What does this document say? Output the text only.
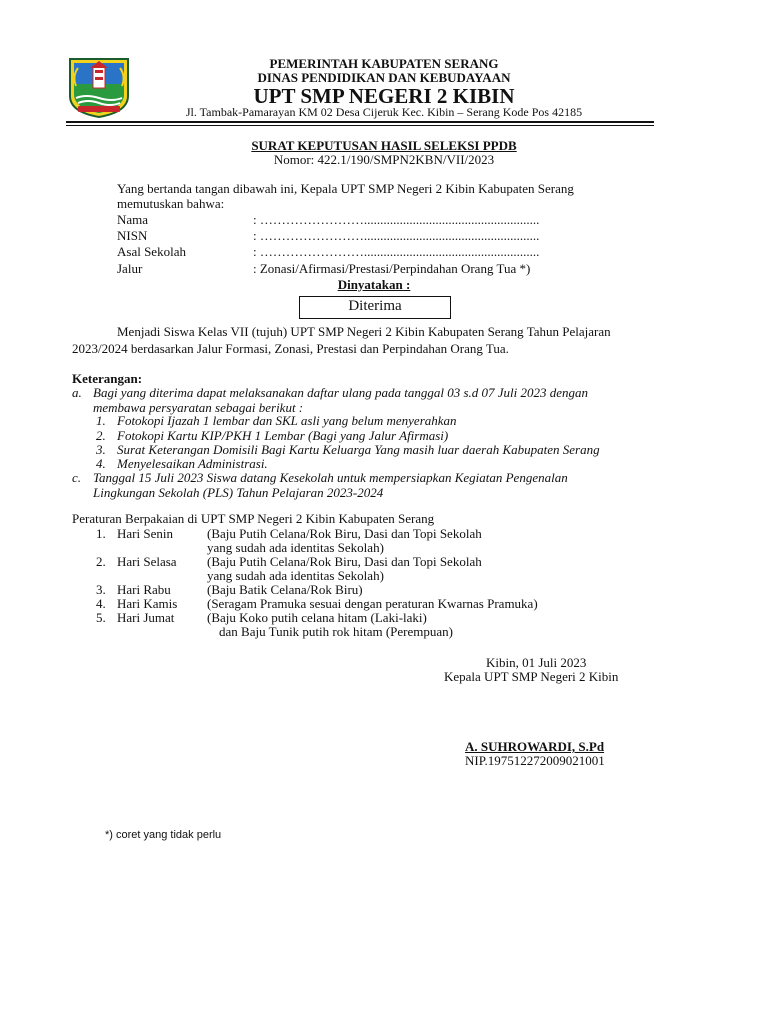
PEMERINTAH KABUPATEN SERANG
DINAS PENDIDIKAN DAN KEBUDAYAAN
UPT SMP NEGERI 2 KIBIN
Jl. Tambak-Pamarayan KM 02 Desa Cijeruk Kec. Kibin – Serang Kode Pos 42185
SURAT KEPUTUSAN HASIL SELEKSI PPDB
Nomor: 422.1/190/SMPN2KBN/VII/2023
Yang bertanda tangan dibawah ini, Kepala UPT SMP Negeri 2 Kibin Kabupaten Serang
memutuskan bahwa:
Nama	: ……………………......................................................
NISN	: ……………………......................................................
Asal Sekolah	: ……………………......................................................
Jalur	: Zonasi/Afirmasi/Prestasi/Perpindahan Orang Tua *)
Dinyatakan :
Diterima
Menjadi Siswa Kelas VII (tujuh) UPT SMP Negeri 2 Kibin Kabupaten Serang Tahun Pelajaran
2023/2024 berdasarkan Jalur Formasi, Zonasi, Prestasi dan Perpindahan Orang Tua.
Keterangan:
a. Bagi yang diterima dapat melaksanakan daftar ulang pada tanggal 03 s.d 07 Juli 2023 dengan
membawa persyaratan sebagai berikut :
1. Fotokopi Ijazah 1 lembar dan SKL asli yang belum menyerahkan
2. Fotokopi Kartu KIP/PKH 1 Lembar (Bagi yang Jalur Afirmasi)
3. Surat Keterangan Domisili Bagi Kartu Keluarga Yang masih luar daerah Kabupaten Serang
4. Menyelesaikan Administrasi.
c. Tanggal 15 Juli 2023 Siswa datang Kesekolah untuk mempersiapkan Kegiatan Pengenalan
Lingkungan Sekolah (PLS) Tahun Pelajaran 2023-2024
Peraturan Berpakaian di UPT SMP Negeri 2 Kibin Kabupaten Serang
1. Hari Senin	(Baju Putih Celana/Rok Biru, Dasi dan Topi Sekolah
yang sudah ada identitas Sekolah)
2. Hari Selasa (Baju Putih Celana/Rok Biru, Dasi dan Topi Sekolah
yang sudah ada identitas Sekolah)
3. Hari Rabu	(Baju Batik Celana/Rok Biru)
4. Hari Kamis (Seragam Pramuka sesuai dengan peraturan Kwarnas Pramuka)
5. Hari Jumat	(Baju Koko putih celana hitam (Laki-laki)
dan Baju Tunik putih rok hitam (Perempuan)
Kibin, 01 Juli 2023
Kepala UPT SMP Negeri 2 Kibin
A. SUHROWARDI, S.Pd
NIP.197512272009021001
*) coret yang tidak perlu
